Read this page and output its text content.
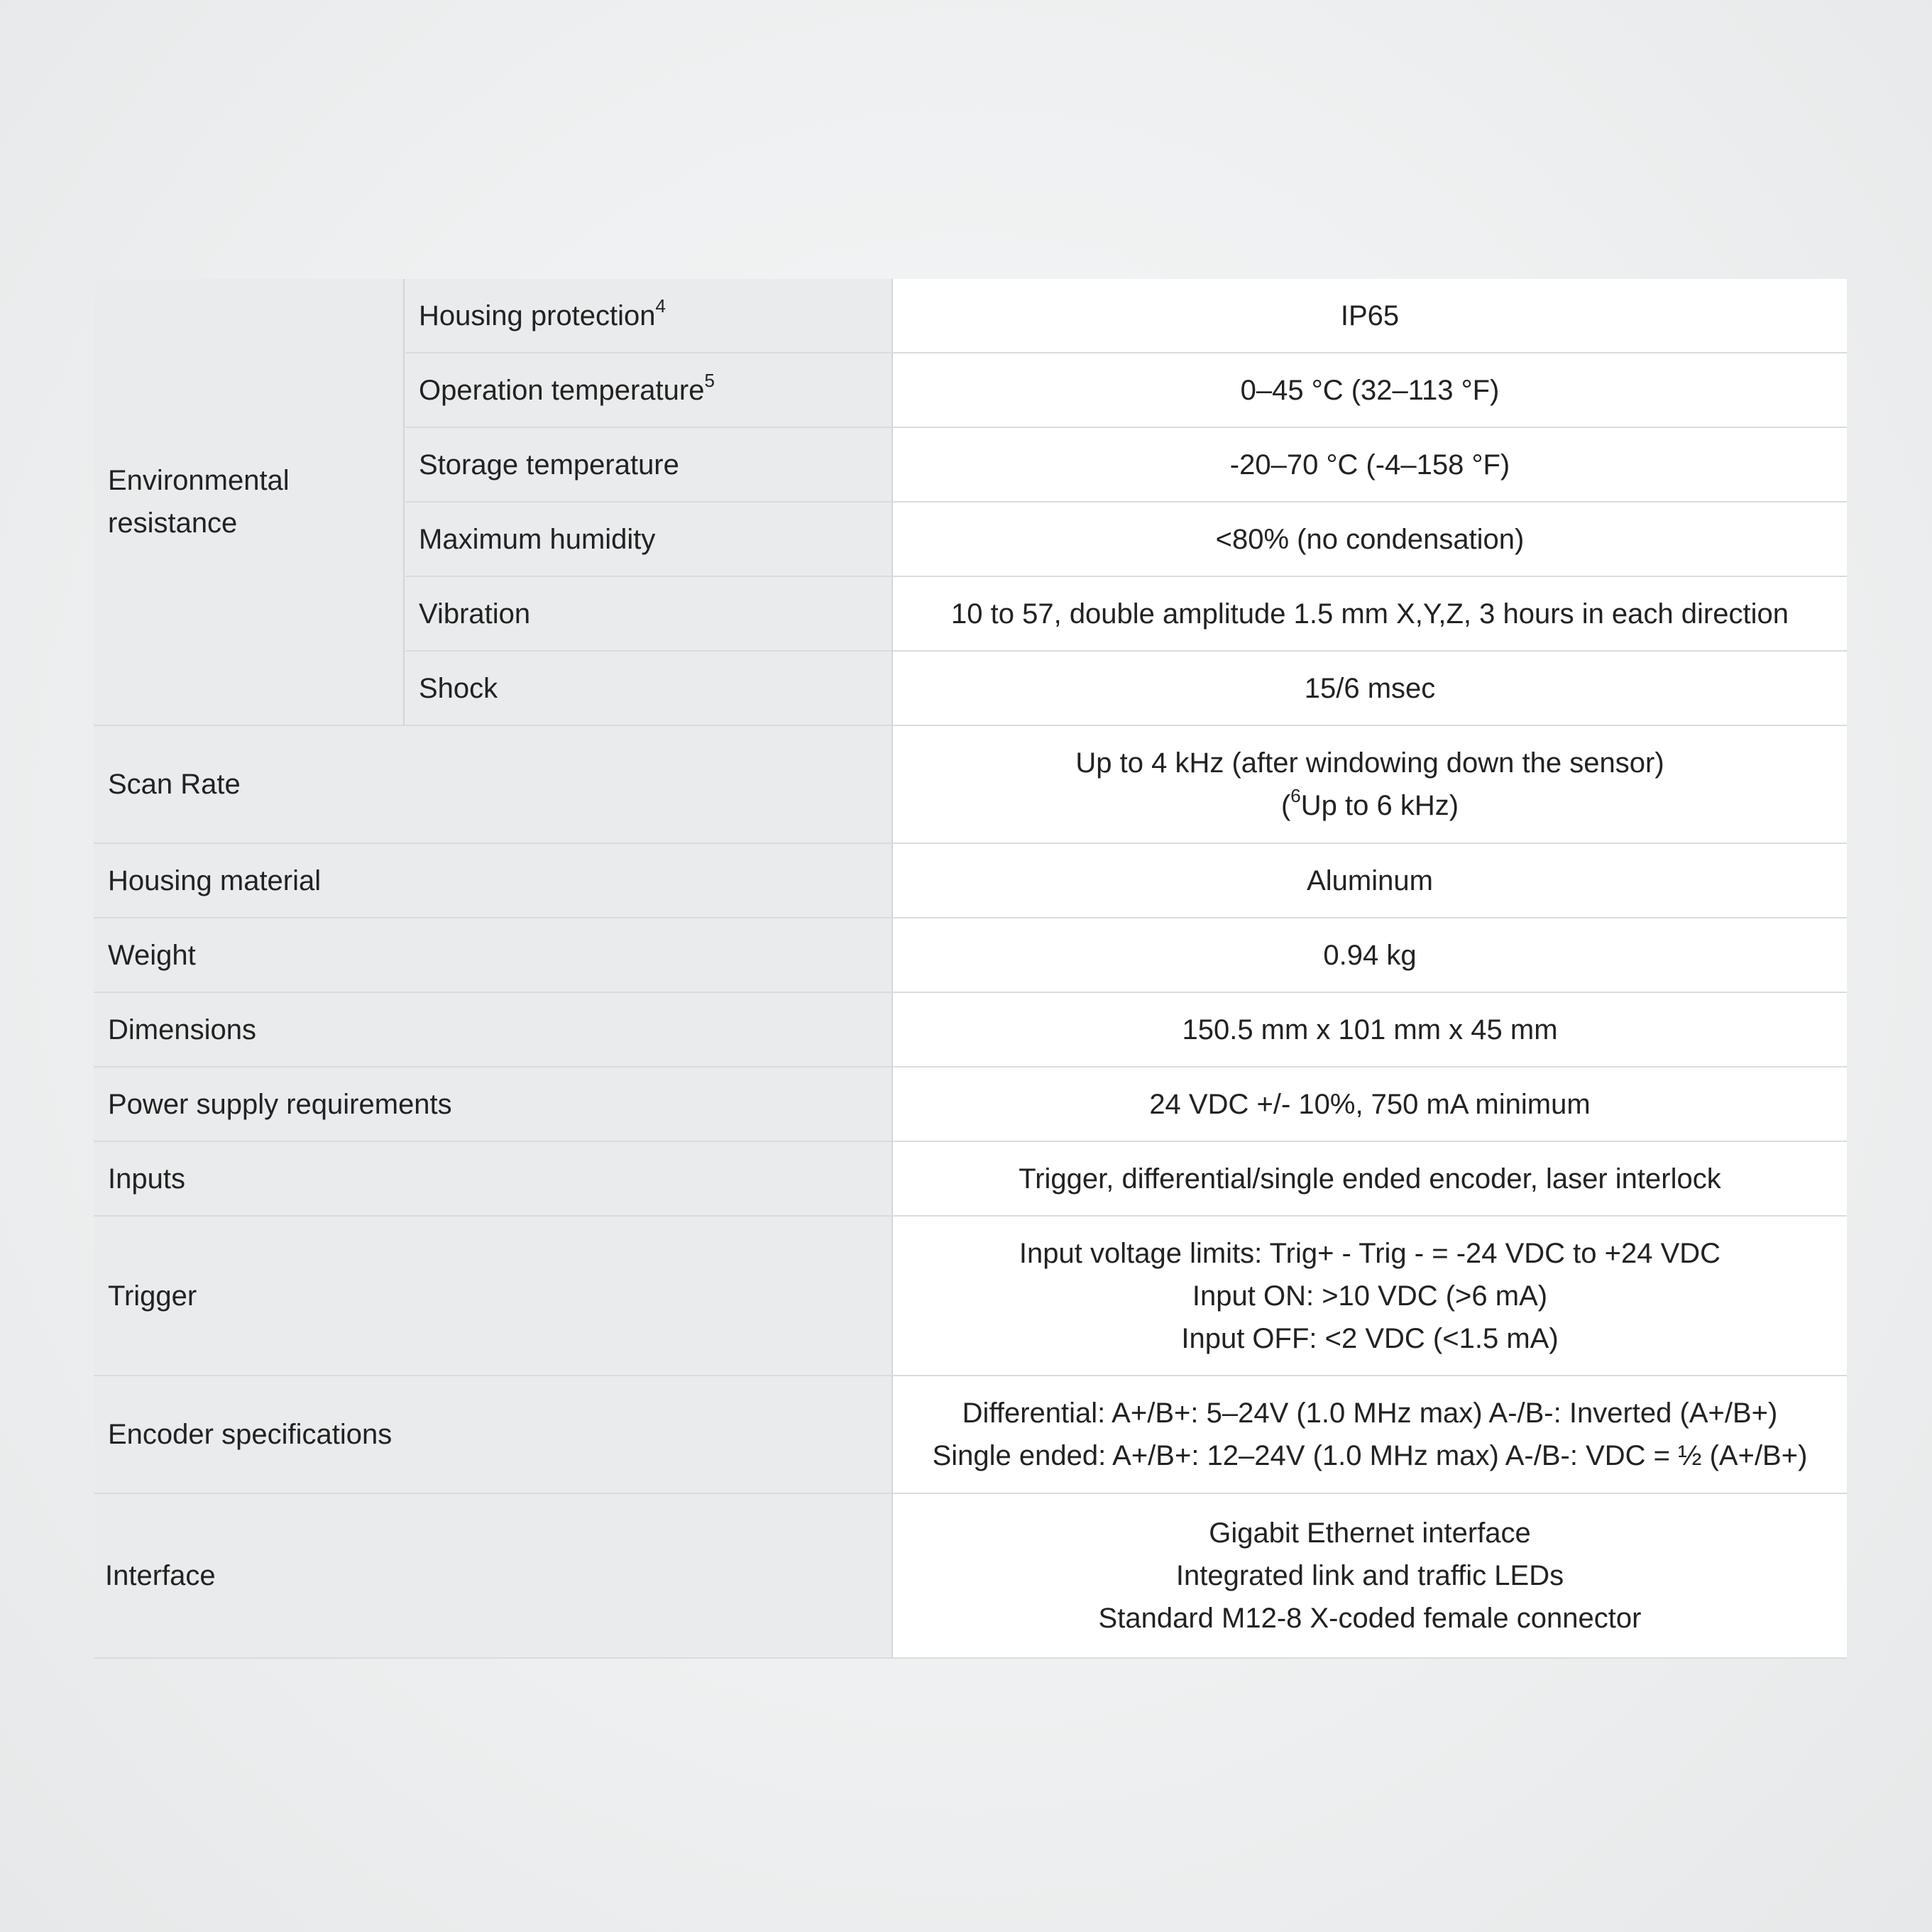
Environmental
resistance	Housing protection$^4$	IP65
	Operation temperature$^5$	0–45 °C (32–113 °F)
	Storage temperature	-20–70 °C (-4–158 °F)
	Maximum humidity	<80% (no condensation)
	Vibration	10 to 57, double amplitude 1.5 mm X,Y,Z, 3 hours in each direction
	Shock	15/6 msec
Scan Rate		Up to 4 kHz (after windowing down the sensor)
($^6$Up to 6 kHz)

Housing material		Aluminum
Weight		0.94 kg
Dimensions		150.5 mm x 101 mm x 45 mm
Power supply requirements		24 VDC +/- 10%, 750 mA minimum
Inputs		Trigger, differential/single ended encoder, laser interlock
Trigger		Input voltage limits: Trig+ - Trig - = -24 VDC to +24 VDC
Input ON: >10 VDC (>6 mA)
Input OFF: <2 VDC (<1.5 mA)

Encoder specifications		Differential: A+/B+: 5–24V (1.0 MHz max) A-/B-: Inverted (A+/B+)
Single ended: A+/B+: 12–24V (1.0 MHz max) A-/B-: VDC = ½ (A+/B+)

Interface		Gigabit Ethernet interface
Integrated link and traffic LEDs
Standard M12-8 X-coded female connector
